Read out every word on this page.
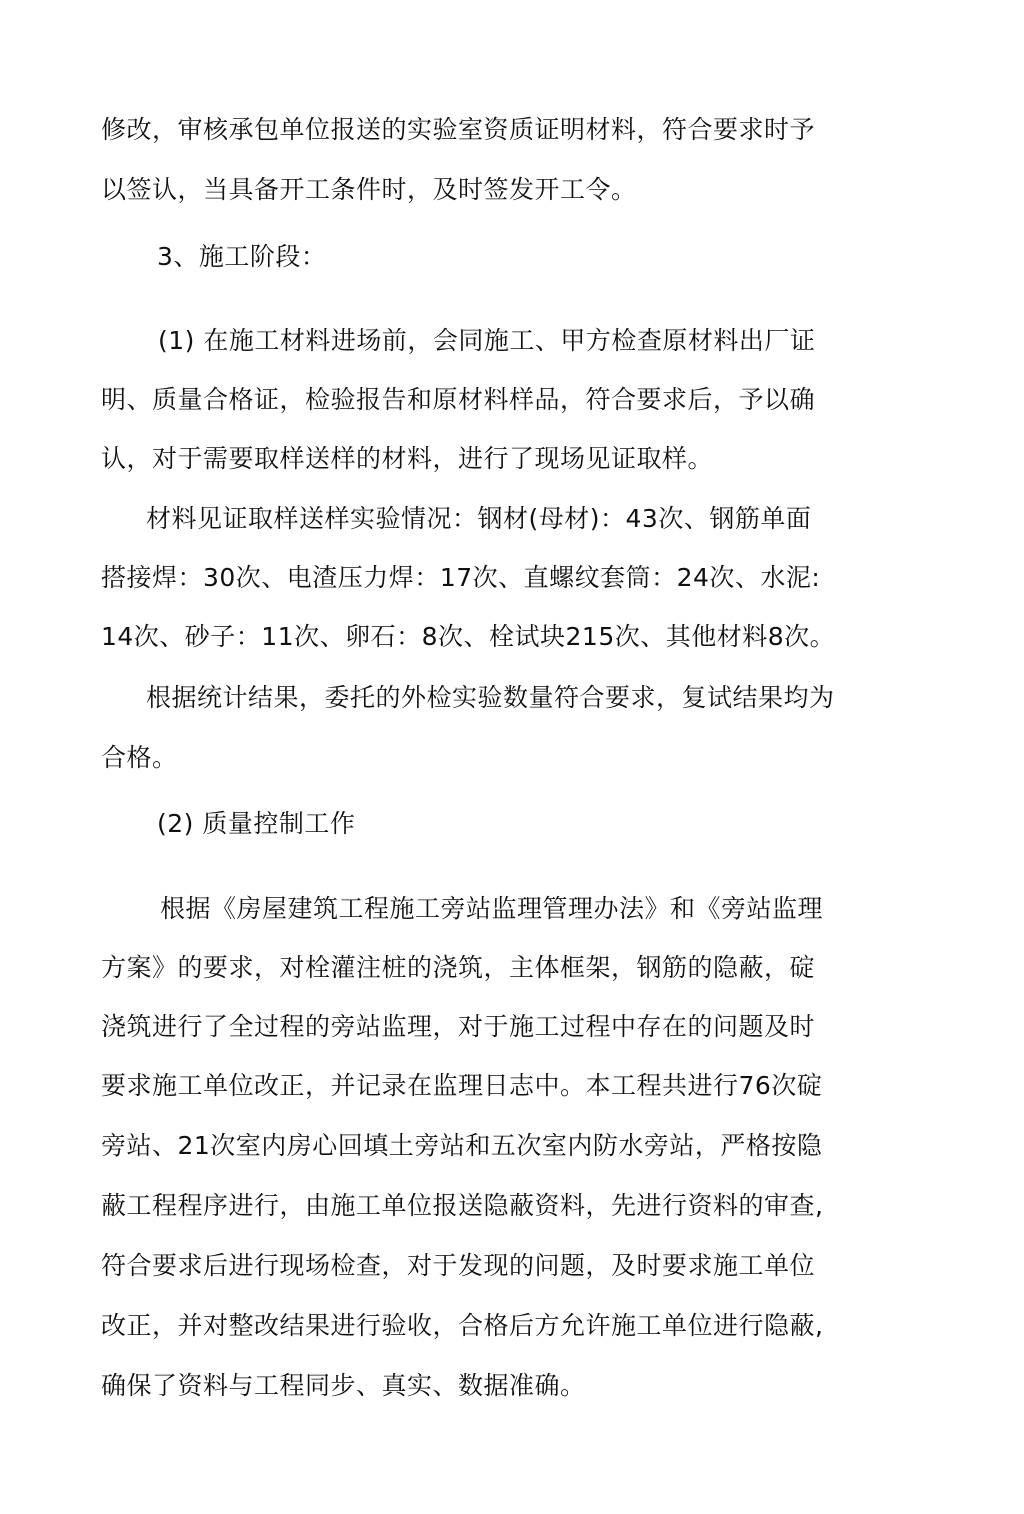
修改，审核承包单位报送的实验室资质证明材料，符合要求时予
以签认，当具备开工条件时，及时签发开工令。
3、施工阶段：
(1) 在施工材料进场前，会同施工、甲方检查原材料出厂证
明、质量合格证，检验报告和原材料样品，符合要求后，予以确
认，对于需要取样送样的材料，进行了现场见证取样。
材料见证取样送样实验情况：钢材(母材)：43次、钢筋单面
搭接焊：30次、电渣压力焊：17次、直螺纹套筒：24次、水泥:
14次、砂子：11次、卵石：8次、栓试块215次、其他材料8次。
根据统计结果，委托的外检实验数量符合要求，复试结果均为
合格。
(2) 质量控制工作
根据《房屋建筑工程施工旁站监理管理办法》和《旁站监理
方案》的要求，对栓灌注桩的浇筑，主体框架，钢筋的隐蔽，碇
浇筑进行了全过程的旁站监理，对于施工过程中存在的问题及时
要求施工单位改正，并记录在监理日志中。本工程共进行76次碇
旁站、21次室内房心回填土旁站和五次室内防水旁站，严格按隐
蔽工程程序进行，由施工单位报送隐蔽资料，先进行资料的审查,
符合要求后进行现场检查，对于发现的问题，及时要求施工单位
改正，并对整改结果进行验收，合格后方允许施工单位进行隐蔽,
确保了资料与工程同步、真实、数据准确。
